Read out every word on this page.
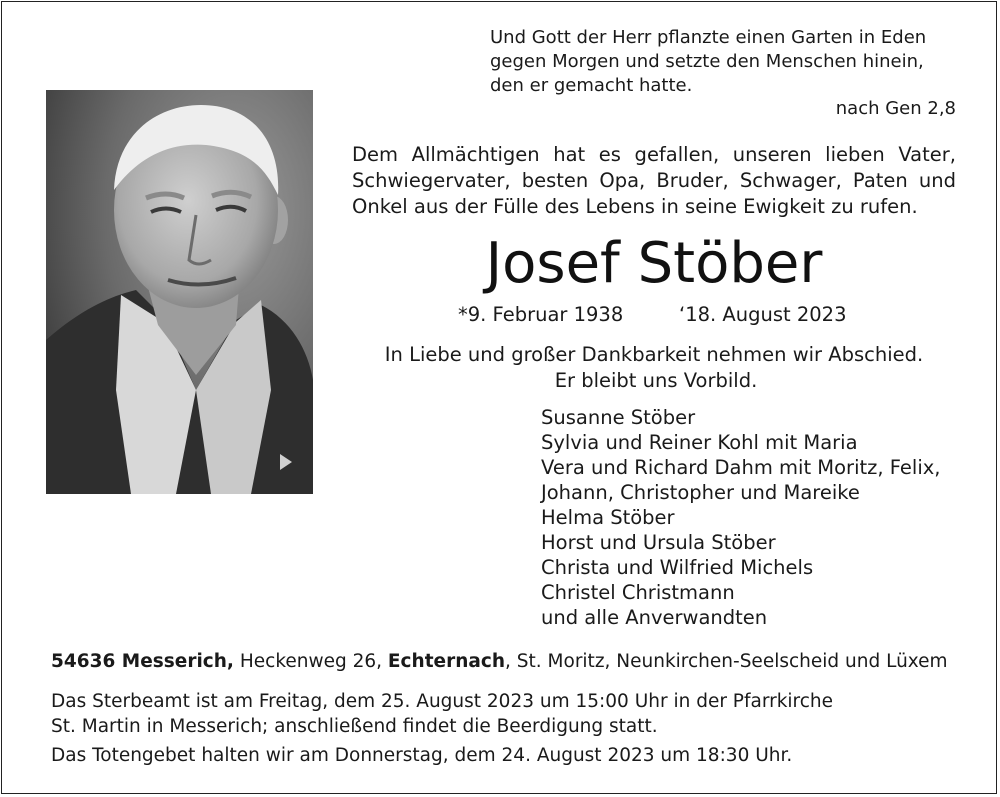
Und Gott der Herr pflanzte einen Garten in Eden
gegen Morgen und setzte den Menschen hinein,
den er gemacht hatte.
nach Gen 2,8

Dem Allmächtigen hat es gefallen, unseren lieben Vater,

Schwiegervater, besten Opa, Bruder, Schwager, Paten und

Onkel aus der Fülle des Lebens in seine Ewigkeit zu rufen.

Josef Stöber
*9. Februar 1938	‘18. August 2023
In Liebe und großer Dankbarkeit nehmen wir Abschied.
Er bleibt uns Vorbild.
Susanne Stöber
Sylvia und Reiner Kohl mit Maria
Vera und Richard Dahm mit Moritz, Felix,
Johann, Christopher und Mareike
Helma Stöber
Horst und Ursula Stöber
Christa und Wilfried Michels
Christel Christmann
und alle Anverwandten
54636 Messerich, Heckenweg 26, Echternach, St. Moritz, Neunkirchen-Seelscheid und Lüxem
Das Sterbeamt ist am Freitag, dem 25. August 2023 um 15:00 Uhr in der Pfarrkirche
St. Martin in Messerich; anschließend findet die Beerdigung statt.
Das Totengebet halten wir am Donnerstag, dem 24. August 2023 um 18:30 Uhr.
